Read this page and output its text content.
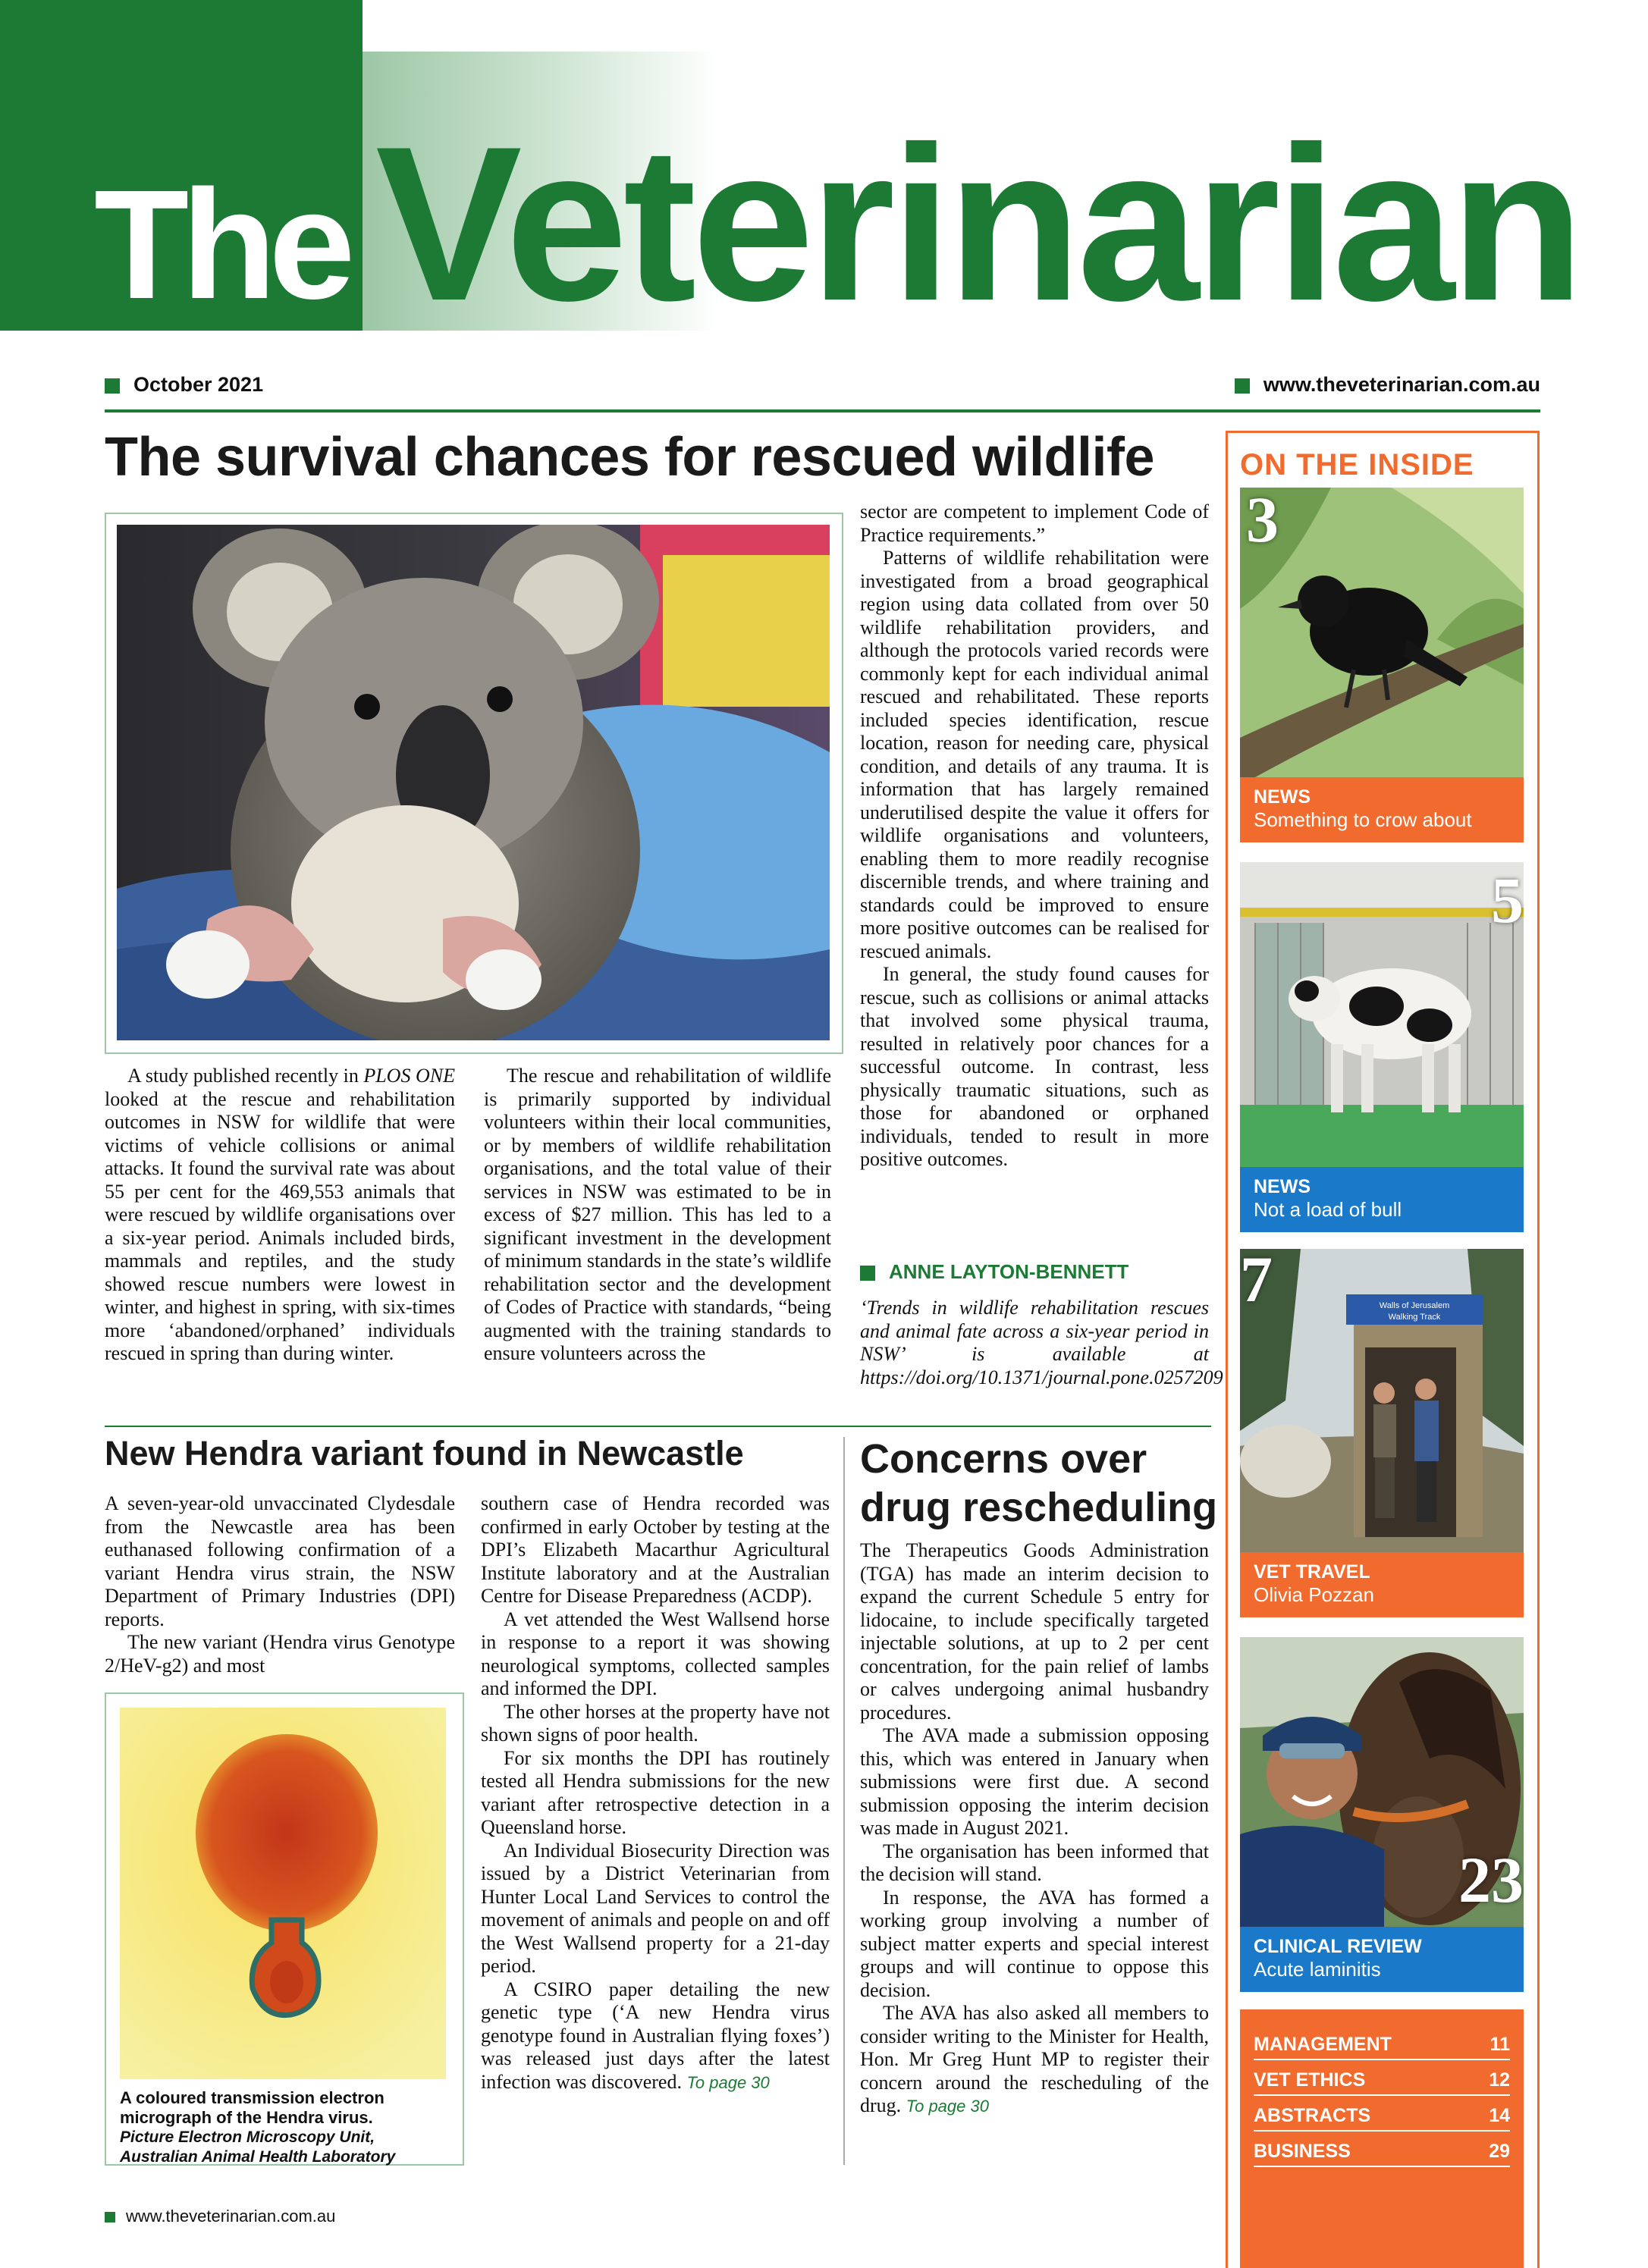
The Veterinarian
October 2021	www.theveterinarian.com.au
The survival chances for rescued wildlife

A study published recently in PLOS ONE looked at the rescue and rehabilitation outcomes in NSW for wildlife that were victims of vehicle collisions or animal attacks. It found the survival rate was about 55 per cent for the 469,553 animals that were rescued by wildlife organisations over a six-year period. Animals included birds, mammals and reptiles, and the study showed rescue numbers were lowest in winter, and highest in spring, with six-times more ‘abandoned/orphaned’ individuals rescued in spring than during winter.

The rescue and rehabilitation of wildlife is primarily supported by individual volunteers within their local communities, or by members of wildlife rehabilitation organisations, and the total value of their services in NSW was estimated to be in excess of $27 million. This has led to a significant investment in the development of minimum standards in the state’s wildlife rehabilitation sector and the development of Codes of Practice with standards, “being augmented with the training standards to ensure volunteers across the

sector are competent to implement Code of Practice requirements.”

Patterns of wildlife rehabilitation were investigated from a broad geographical region using data collated from over 50 wildlife rehabilitation providers, and although the protocols varied records were commonly kept for each individual animal rescued and rehabilitated. These reports included species identification, rescue location, reason for needing care, physical condition, and details of any trauma. It is information that has largely remained underutilised despite the value it offers for wildlife organisations and volunteers, enabling them to more readily recognise discernible trends, and where training and standards could be improved to ensure more positive outcomes can be realised for rescued animals.

In general, the study found causes for rescue, such as collisions or animal attacks that involved some physical trauma, resulted in relatively poor chances for a successful outcome. In contrast, less physically traumatic situations, such as those for abandoned or orphaned individuals, tended to result in more positive outcomes.

ANNE LAYTON-BENNETT

‘Trends in wildlife rehabilitation rescues and animal fate across a six-year period in NSW’ is available at https://doi.org/10.1371/journal.pone.0257209

New Hendra variant found in Newcastle

A seven-year-old unvaccinated Clydesdale from the Newcastle area has been euthanased following confirmation of a variant Hendra virus strain, the NSW Department of Primary Industries (DPI) reports.

The new variant (Hendra virus Genotype 2/HeV-g2) and most

A coloured transmission electron micrograph of the Hendra virus.
Picture Electron Microscopy Unit, Australian Animal Health Laboratory

southern case of Hendra recorded was confirmed in early October by testing at the DPI’s Elizabeth Macarthur Agricultural Institute laboratory and at the Australian Centre for Disease Preparedness (ACDP).

A vet attended the West Wallsend horse in response to a report it was showing neurological symptoms, collected samples and informed the DPI.

The other horses at the property have not shown signs of poor health.

For six months the DPI has routinely tested all Hendra submissions for the new variant after retrospective detection in a Queensland horse.

An Individual Biosecurity Direction was issued by a District Veterinarian from Hunter Local Land Services to control the movement of animals and people on and off the West Wallsend property for a 21-day period.

A CSIRO paper detailing the new genetic type (‘A new Hendra virus genotype found in Australian flying foxes’) was released just days after the latest infection was discovered. To page 30

Concerns over
drug rescheduling

The Therapeutics Goods Administration (TGA) has made an interim decision to expand the current Schedule 5 entry for lidocaine, to include specifically targeted injectable solutions, at up to 2 per cent concentration, for the pain relief of lambs or calves undergoing animal husbandry procedures.

The AVA made a submission opposing this, which was entered in January when submissions were first due. A second submission opposing the interim decision was made in August 2021.

The organisation has been informed that the decision will stand.

In response, the AVA has formed a working group involving a number of subject matter experts and special interest groups and will continue to oppose this decision.

The AVA has also asked all members to consider writing to the Minister for Health, Hon. Mr Greg Hunt MP to register their concern around the rescheduling of the drug. To page 30

ON THE INSIDE
3
NEWS
Something to crow about
5
NEWS
Not a load of bull
Walls of Jerusalem
Walking Track
7
VET TRAVEL
Olivia Pozzan
23
CLINICAL REVIEW
Acute laminitis
MANAGEMENT	11
VET ETHICS	12
ABSTRACTS	14
BUSINESS	29
www.theveterinarian.com.au
